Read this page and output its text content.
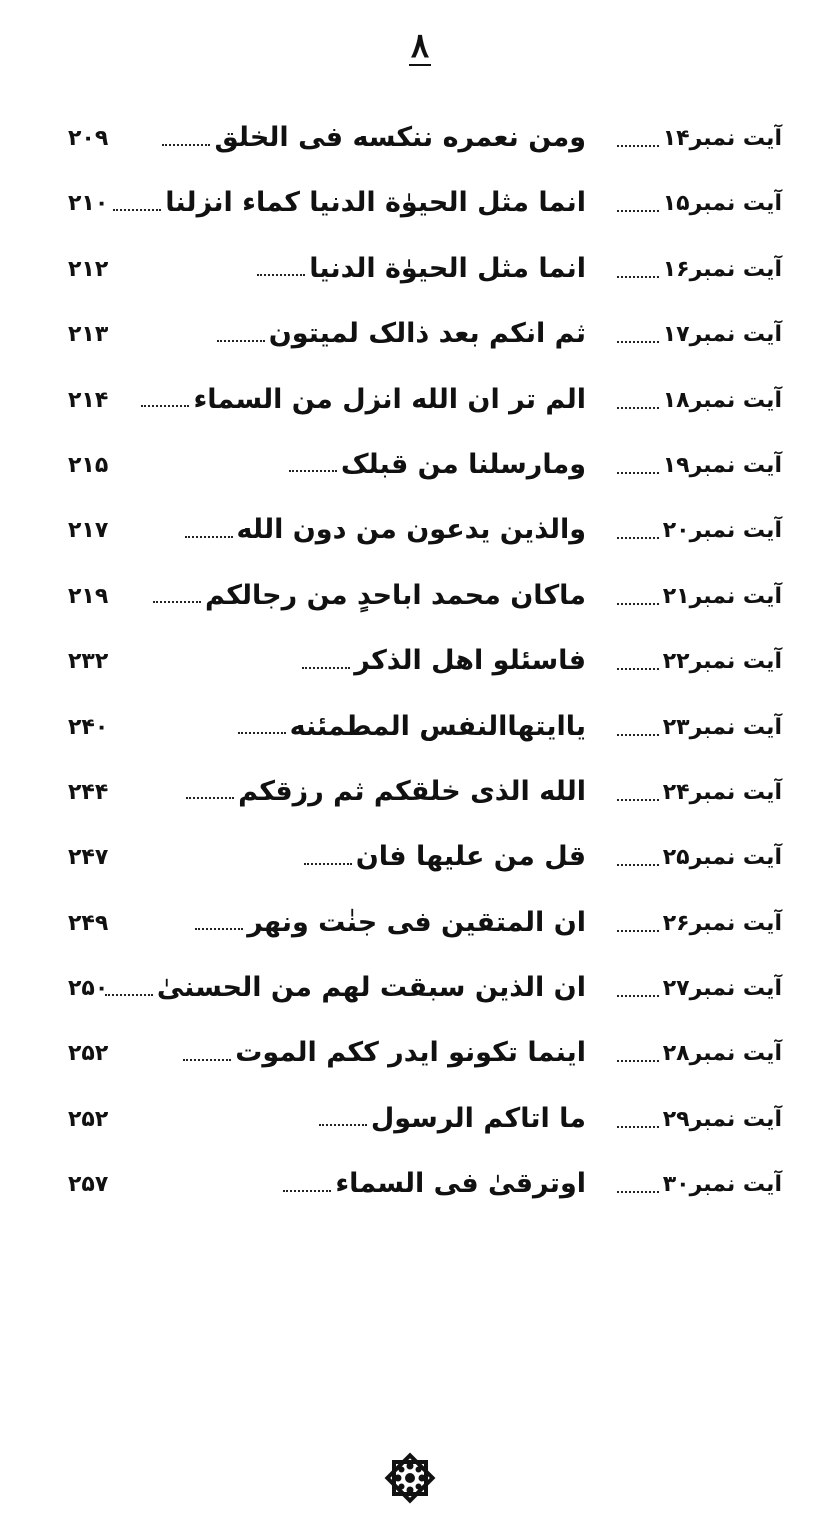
۸
آیت نمبر۱۴
ومن نعمره ننکسه فی الخلق
۲۰۹
آیت نمبر۱۵
انما مثل الحیوٰة الدنیا کماء انزلنا
۲۱۰
آیت نمبر۱۶
انما مثل الحیوٰة الدنیا
۲۱۲
آیت نمبر۱۷
ثم انکم بعد ذالک لمیتون
۲۱۳
آیت نمبر۱۸
الم تر ان الله انزل من السماء
۲۱۴
آیت نمبر۱۹
ومارسلنا من قبلک
۲۱۵
آیت نمبر۲۰
والذین یدعون من دون الله
۲۱۷
آیت نمبر۲۱
ماکان محمد اباحدٍ من رجالکم
۲۱۹
آیت نمبر۲۲
فاسئلو اهل الذکر
۲۳۲
آیت نمبر۲۳
یاایتهاالنفس المطمئنه
۲۴۰
آیت نمبر۲۴
الله الذی خلقکم ثم رزقکم
۲۴۴
آیت نمبر۲۵
قل من علیها فان
۲۴۷
آیت نمبر۲۶
ان المتقین فی جنٰت ونهر
۲۴۹
آیت نمبر۲۷
ان الذین سبقت لهم من الحسنیٰ
۲۵۰
آیت نمبر۲۸
اینما تکونو ایدر ککم الموت
۲۵۲
آیت نمبر۲۹
ما اتاکم الرسول
۲۵۲
آیت نمبر۳۰
اوترقیٰ فی السماء
۲۵۷
